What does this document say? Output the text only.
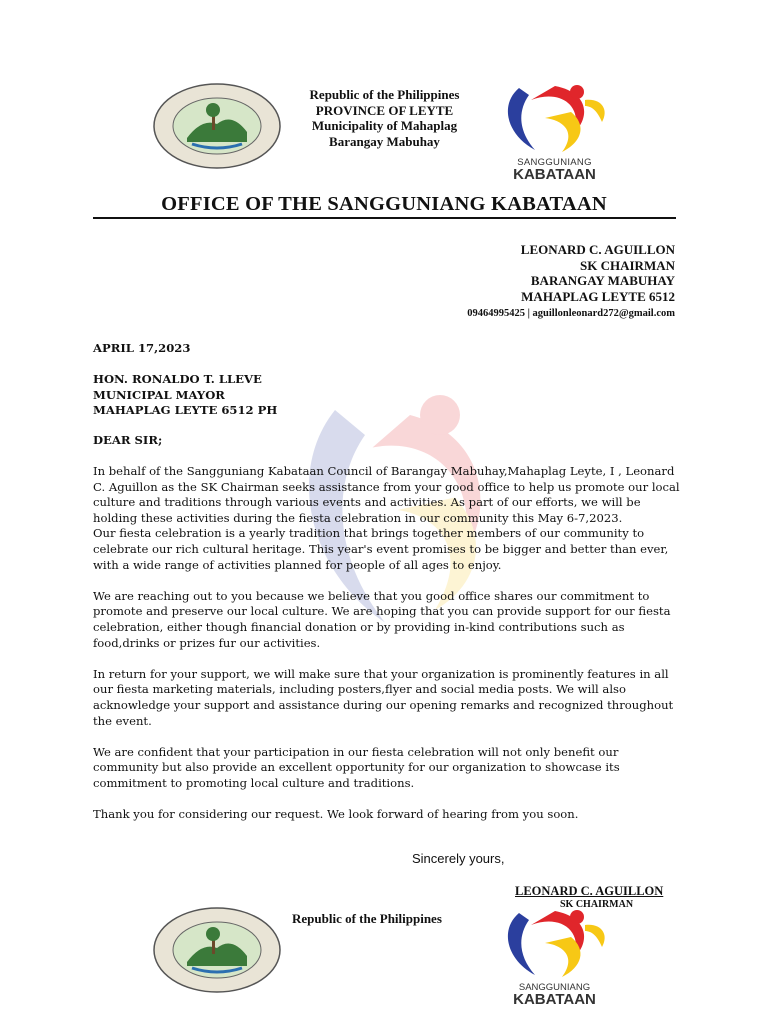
Republic of the Philippines
PROVINCE OF LEYTE
Municipality of Mahaplag
Barangay Mabuhay
SANGGUNIANG
KABATAAN
OFFICE OF THE SANGGUNIANG KABATAAN
LEONARD C. AGUILLON
SK CHAIRMAN
BARANGAY MABUHAY
MAHAPLAG LEYTE 6512
09464995425 | aguillonleonard272@gmail.com
APRIL 17,2023
HON. RONALDO T. LLEVE
MUNICIPAL MAYOR
MAHAPLAG LEYTE 6512 PH
DEAR SIR;

In behalf of the Sangguniang Kabataan Council of Barangay Mabuhay,Mahaplag Leyte, I , Leonard C. Aguillon as the SK Chairman seeks assistance from your good office to help us promote our local culture and traditions through various events and activities. As part of our efforts, we will be holding these activities during the fiesta celebration in our community this May 6-7,2023.

Our fiesta celebration is a yearly tradition that brings together members of our community to celebrate our rich cultural heritage. This year's event promises to be bigger and better than ever, with a wide range of activities planned for people of all ages to enjoy.

We are reaching out to you because we believe that you good office shares our commitment to promote and preserve our local culture. We are hoping that you can provide support for our fiesta celebration, either though financial donation or by providing in-kind contributions such as food,drinks or prizes fur our activities.

In return for your support, we will make sure that your organization is prominently features in all our fiesta marketing materials, including posters,flyer and social media posts. We will also acknowledge your support and assistance during our opening remarks and recognized throughout the event.

We are confident that your participation in our fiesta celebration will not only benefit our community but also provide an excellent opportunity for our organization to showcase its commitment to promoting local culture and traditions.

Thank you for considering our request. We look forward of hearing from you soon.

Sincerely yours,
LEONARD C. AGUILLON
SK CHAIRMAN
Republic of the Philippines
SANGGUNIANG
KABATAAN
